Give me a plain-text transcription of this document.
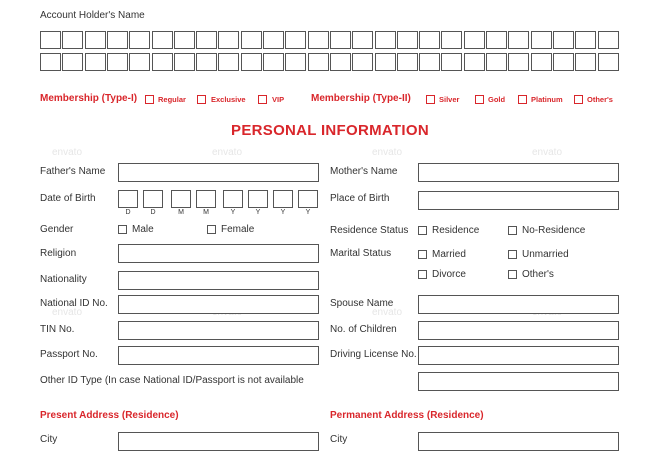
Account Holder's Name
Membership (Type-I)	Regular	Exclusive	VIP	Membership (Type-II)	Silver	Gold	Platinum	Other's
PERSONAL INFORMATION
envato	envato	envato	envato
envato	envato
Father's Name
Date of Birth
D	D	M	M	Y	Y	Y	Y
Gender	Male	Female
Religion
Nationality
National ID No.
TIN No.
Passport No.
Other ID Type (In case National ID/Passport is not available
Mother's Name
Place of Birth
Residence Status Residence	No-Residence
Marital Status	Married	Unmarried
Divorce	Other's
Spouse Name
No. of Children
Driving License No.
Present Address (Residence)	Permanent Address (Residence)
City	City
